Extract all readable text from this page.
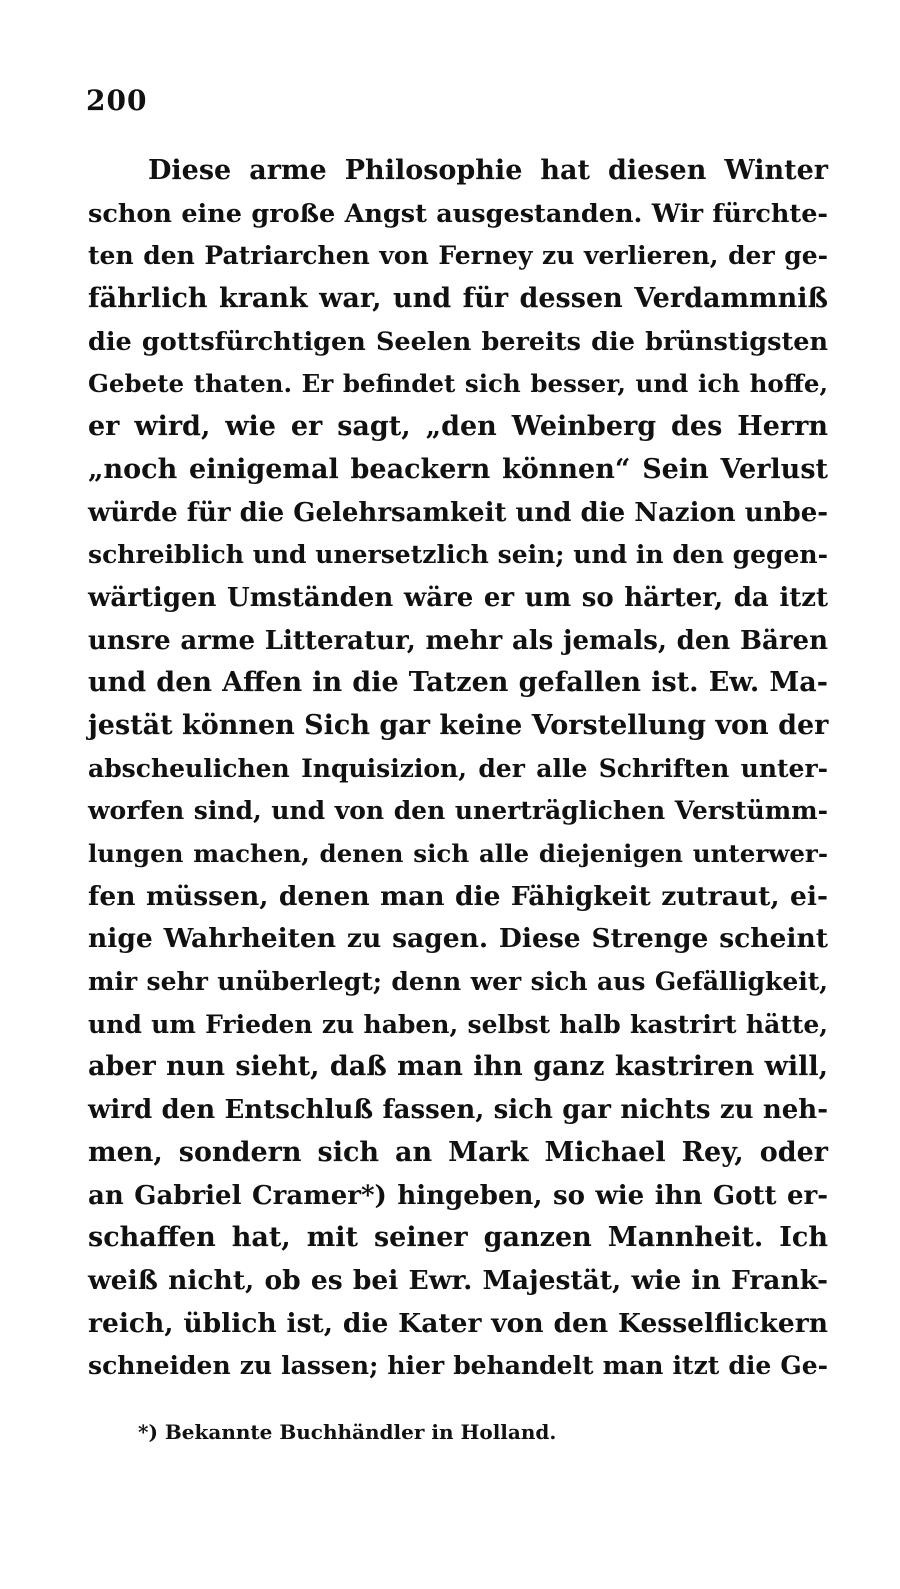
200
Diese arme Philosophie hat diesen Winter
schon eine große Angst ausgestanden. Wir fürchte-
ten den Patriarchen von Ferney zu verlieren, der ge-
fährlich krank war, und für dessen Verdammniß
die gottsfürchtigen Seelen bereits die brünstigsten
Gebete thaten. Er befindet sich besser, und ich hoffe,
er wird, wie er sagt, „den Weinberg des Herrn
„noch einigemal beackern können“ Sein Verlust
würde für die Gelehrsamkeit und die Nazion unbe-
schreiblich und unersetzlich sein; und in den gegen-
wärtigen Umständen wäre er um so härter, da itzt
unsre arme Litteratur, mehr als jemals, den Bären
und den Affen in die Tatzen gefallen ist. Ew. Ma-
jestät können Sich gar keine Vorstellung von der
abscheulichen Inquisizion, der alle Schriften unter-
worfen sind, und von den unerträglichen Verstümm-
lungen machen, denen sich alle diejenigen unterwer-
fen müssen, denen man die Fähigkeit zutraut, ei-
nige Wahrheiten zu sagen. Diese Strenge scheint
mir sehr unüberlegt; denn wer sich aus Gefälligkeit,
und um Frieden zu haben, selbst halb kastrirt hätte,
aber nun sieht, daß man ihn ganz kastriren will,
wird den Entschluß fassen, sich gar nichts zu neh-
men, sondern sich an Mark Michael Rey, oder
an Gabriel Cramer*) hingeben, so wie ihn Gott er-
schaffen hat, mit seiner ganzen Mannheit. Ich
weiß nicht, ob es bei Ewr. Majestät, wie in Frank-
reich, üblich ist, die Kater von den Kesselflickern
schneiden zu lassen; hier behandelt man itzt die Ge-
*) Bekannte Buchhändler in Holland.
